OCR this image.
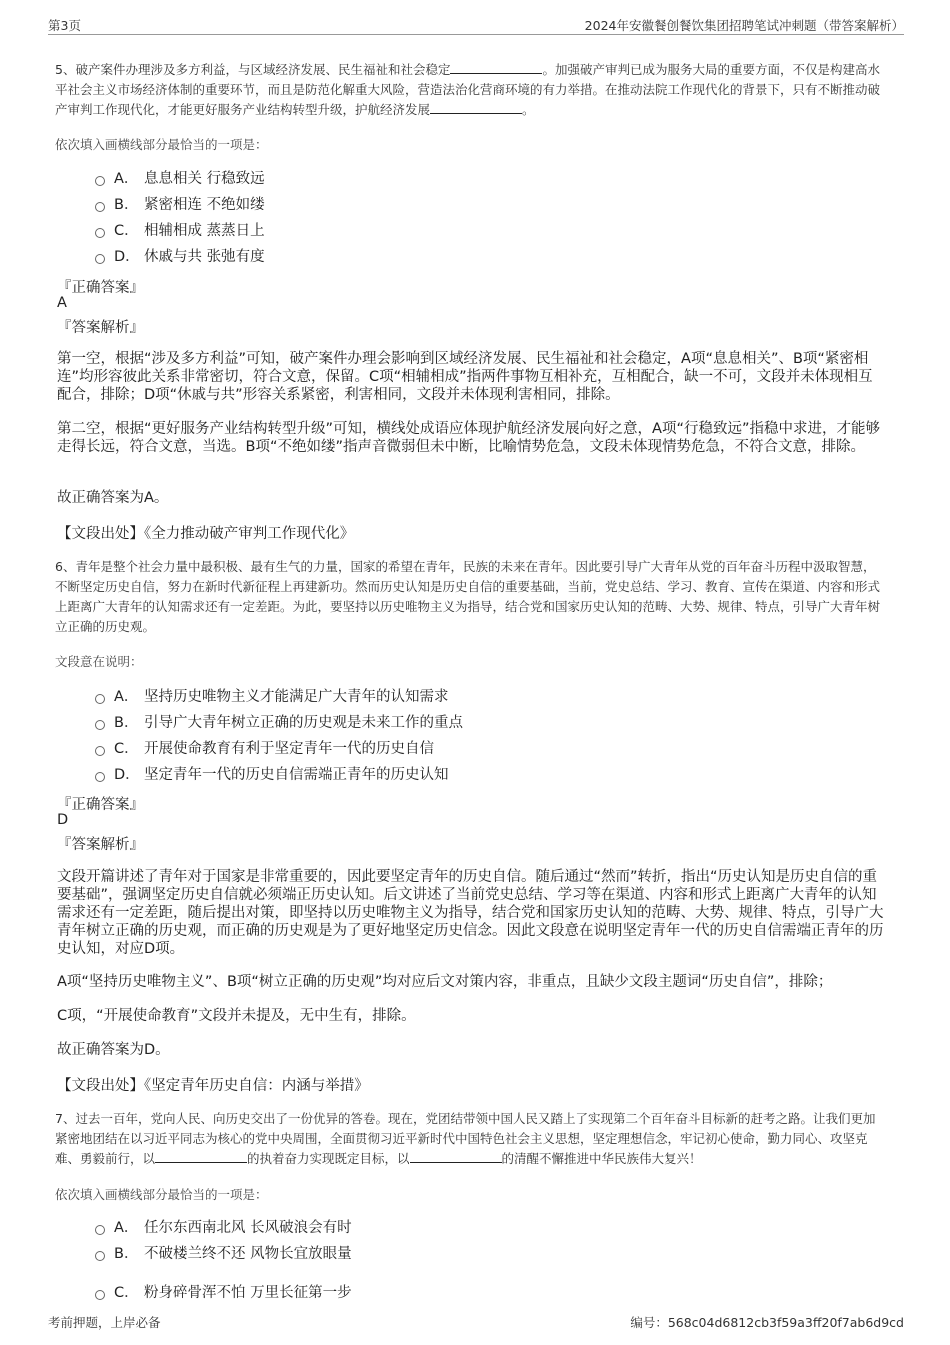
第3页	2024年安徽餐创餐饮集团招聘笔试冲刺题（带答案解析）

5、破产案件办理涉及多方利益，与区域经济发展、民生福祉和社会稳定	。加强破产审判已成为服务大局的重要方面，不仅是构建高水平社会主义市场经济体制的重要环节，而且是防范化解重大风险，营造法治化营商环境的有力举措。在推动法院工作现代化的背景下，只有不断推动破产审判工作现代化，才能更好服务产业结构转型升级，护航经济发展	。

依次填入画横线部分最恰当的一项是：
A． 息息相关 行稳致远
B． 紧密相连 不绝如缕
C． 相辅相成 蒸蒸日上
D． 休戚与共 张弛有度
『正确答案』
A
『答案解析』

第一空，根据“涉及多方利益”可知，破产案件办理会影响到区域经济发展、民生福祉和社会稳定，A项“息息相关”、B项“紧密相连”均形容彼此关系非常密切，符合文意，保留。C项“相辅相成”指两件事物互相补充，互相配合，缺一不可，文段并未体现相互配合，排除；D项“休戚与共”形容关系紧密，利害相同，文段并未体现利害相同，排除。

第二空，根据“更好服务产业结构转型升级”可知，横线处成语应体现护航经济发展向好之意，A项“行稳致远”指稳中求进，才能够走得长远，符合文意，当选。B项“不绝如缕”指声音微弱但未中断，比喻情势危急，文段未体现情势危急，不符合文意，排除。

故正确答案为A。

【文段出处】《全力推动破产审判工作现代化》

6、青年是整个社会力量中最积极、最有生气的力量，国家的希望在青年，民族的未来在青年。因此要引导广大青年从党的百年奋斗历程中汲取智慧，不断坚定历史自信，努力在新时代新征程上再建新功。然而历史认知是历史自信的重要基础，当前，党史总结、学习、教育、宣传在渠道、内容和形式上距离广大青年的认知需求还有一定差距。为此，要坚持以历史唯物主义为指导，结合党和国家历史认知的范畴、大势、规律、特点，引导广大青年树立正确的历史观。

文段意在说明：
A． 坚持历史唯物主义才能满足广大青年的认知需求
B． 引导广大青年树立正确的历史观是未来工作的重点
C． 开展使命教育有利于坚定青年一代的历史自信
D． 坚定青年一代的历史自信需端正青年的历史认知
『正确答案』
D
『答案解析』

文段开篇讲述了青年对于国家是非常重要的，因此要坚定青年的历史自信。随后通过“然而”转折，指出“历史认知是历史自信的重要基础”，强调坚定历史自信就必须端正历史认知。后文讲述了当前党史总结、学习等在渠道、内容和形式上距离广大青年的认知需求还有一定差距，随后提出对策，即坚持以历史唯物主义为指导，结合党和国家历史认知的范畴、大势、规律、特点，引导广大青年树立正确的历史观，而正确的历史观是为了更好地坚定历史信念。因此文段意在说明坚定青年一代的历史自信需端正青年的历史认知，对应D项。

A项“坚持历史唯物主义”、B项“树立正确的历史观”均对应后文对策内容，非重点，且缺少文段主题词“历史自信”，排除；

C项，“开展使命教育”文段并未提及，无中生有，排除。

故正确答案为D。

【文段出处】《坚定青年历史自信：内涵与举措》

7、过去一百年，党向人民、向历史交出了一份优异的答卷。现在，党团结带领中国人民又踏上了实现第二个百年奋斗目标新的赶考之路。让我们更加紧密地团结在以习近平同志为核心的党中央周围，全面贯彻习近平新时代中国特色社会主义思想，坚定理想信念，牢记初心使命，勤力同心、攻坚克难、勇毅前行，以	的执着奋力实现既定目标，以	的清醒不懈推进中华民族伟大复兴！

依次填入画横线部分最恰当的一项是：
A． 任尔东西南北风 长风破浪会有时
B． 不破楼兰终不还 风物长宜放眼量
C． 粉身碎骨浑不怕 万里长征第一步
考前押题，上岸必备	编号：568c04d6812cb3f59a3ff20f7ab6d9cd
